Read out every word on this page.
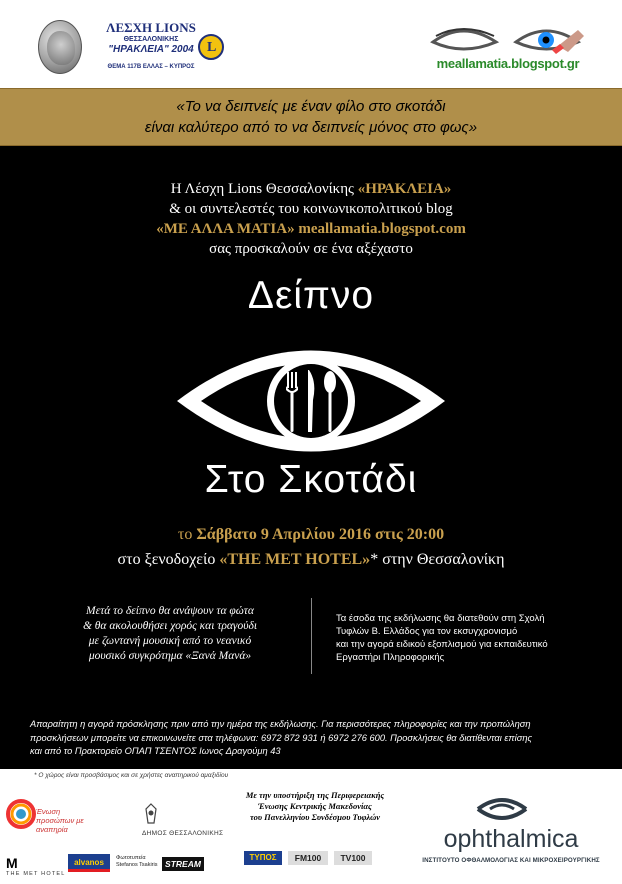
ΛΕΣΧΗ LIONS
ΘΕΣΣΑΛΟΝΙΚΗΣ
"ΗΡΑΚΛΕΙΑ" 2004
ΘΕΜΑ 117Β ΕΛΛΑΣ – ΚΥΠΡΟΣ
L
meallamatia.blogspot.gr
«Το να δειπνείς με έναν φίλο στο σκοτάδι
είναι καλύτερο από το να δειπνείς μόνος στο φως»
Η Λέσχη Lions Θεσσαλονίκης «ΗΡΑΚΛΕΙΑ»
& οι συντελεστές του κοινωνικοπολιτικού blog
«ΜΕ ΑΛΛΑ ΜΑΤΙΑ» meallamatia.blogspot.com
σας προσκαλούν σε ένα αξέχαστο
Δείπνο
Στο Σκοτάδι
το Σάββατο 9 Απριλίου 2016 στις 20:00
στο ξενοδοχείο «THE MET HOTEL»* στην Θεσσαλονίκη
Μετά το δείπνο θα ανάψουν τα φώτα
& θα ακολουθήσει χορός και τραγούδι
με ζωντανή μουσική από το νεανικό
μουσικό συγκρότημα «Ξανά Μανά»
Τα έσοδα της εκδήλωσης θα διατεθούν στη Σχολή
Τυφλών Β. Ελλάδος για τον εκσυγχρονισμό
και την αγορά ειδικού εξοπλισμού για εκπαιδευτικό
Εργαστήρι Πληροφορικής
Απαραίτητη η αγορά πρόσκλησης πριν από την ημέρα της εκδήλωσης. Για περισσότερες πληροφορίες και την προπώληση
προσκλήσεων μπορείτε να επικοινωνείτε στα τηλέφωνα: 6972 872 931 ή 6972 276 600. Προσκλήσεις θα διατίθενται επίσης
και από το Πρακτορείο ΟΠΑΠ ΤΣΕΝΤΟΣ Ιωνος Δραγούμη 43
* Ο χώρος είναι προσβάσιμος και σε χρήστες αναπηρικού αμαξιδίου
Ένωση προσώπων με αναπηρία	ΔΗΜΟΣ ΘΕΣΣΑΛΟΝΙΚΗΣ
M
THE MET HOTEL
alvanos	Φωτοτυπεία Stefanos Tsakiris STREAM
ΤΥΠΟΣ	FM100	TV100
Με την υποστήριξη της Περιφερειακής
Ένωσης Κεντρικής Μακεδονίας
του Πανελληνίου Συνδέσμου Τυφλών
ophthalmica
ΙΝΣΤΙΤΟΥΤΟ ΟΦΘΑΛΜΟΛΟΓΙΑΣ ΚΑΙ ΜΙΚΡΟΧΕΙΡΟΥΡΓΙΚΗΣ
